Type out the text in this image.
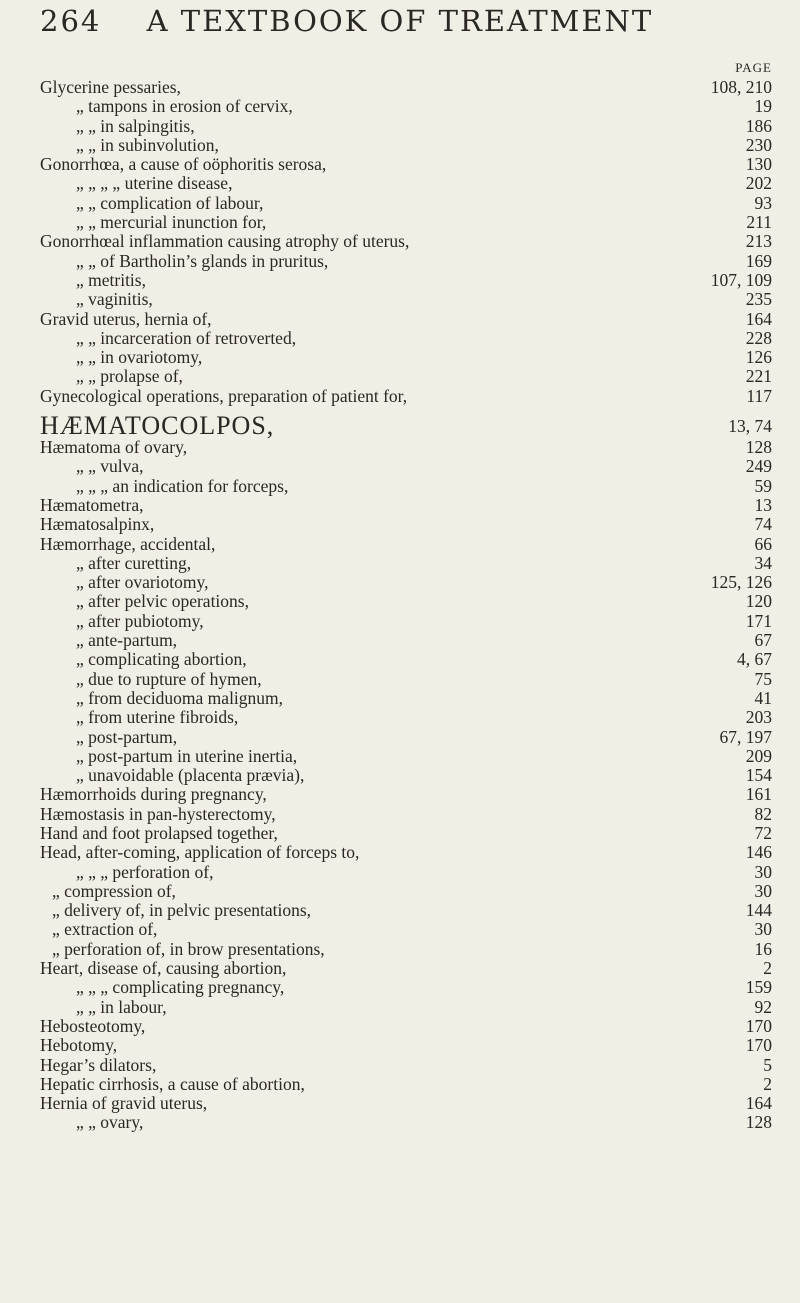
264 A TEXTBOOK OF TREATMENT
PAGE
Glycerine pessaries,	108, 210
„ tampons in erosion of cervix,	19
„ „ in salpingitis,	186
„ „ in subinvolution,	230
Gonorrhœa, a cause of oöphoritis serosa,	130
„ „ „ „ uterine disease,	202
„ „ complication of labour,	93
„ „ mercurial inunction for,	211
Gonorrhœal inflammation causing atrophy of uterus,	213
„ „ of Bartholin’s glands in pruritus,	169
„ metritis,	107, 109
„ vaginitis,	235
Gravid uterus, hernia of,	164
„ „ incarceration of retroverted,	228
„ „ in ovariotomy,	126
„ „ prolapse of,	221
Gynecological operations, preparation of patient for,	117
HÆMATOCOLPOS,	13, 74
Hæmatoma of ovary,	128
„ „ vulva,	249
„ „ „ an indication for forceps,	59
Hæmatometra,	13
Hæmatosalpinx,	74
Hæmorrhage, accidental,	66
„ after curetting,	34
„ after ovariotomy,	125, 126
„ after pelvic operations,	120
„ after pubiotomy,	171
„ ante-partum,	67
„ complicating abortion,	4, 67
„ due to rupture of hymen,	75
„ from deciduoma malignum,	41
„ from uterine fibroids,	203
„ post-partum,	67, 197
„ post-partum in uterine inertia,	209
„ unavoidable (placenta prævia),	154
Hæmorrhoids during pregnancy,	161
Hæmostasis in pan-hysterectomy,	82
Hand and foot prolapsed together,	72
Head, after-coming, application of forceps to,	146
„ „ „ perforation of,	30
„ compression of,	30
„ delivery of, in pelvic presentations,	144
„ extraction of,	30
„ perforation of, in brow presentations,	16
Heart, disease of, causing abortion,	2
„ „ „ complicating pregnancy,	159
„ „ in labour,	92
Hebosteotomy,	170
Hebotomy,	170
Hegar’s dilators,	5
Hepatic cirrhosis, a cause of abortion,	2
Hernia of gravid uterus,	164
„ „ ovary,	128
